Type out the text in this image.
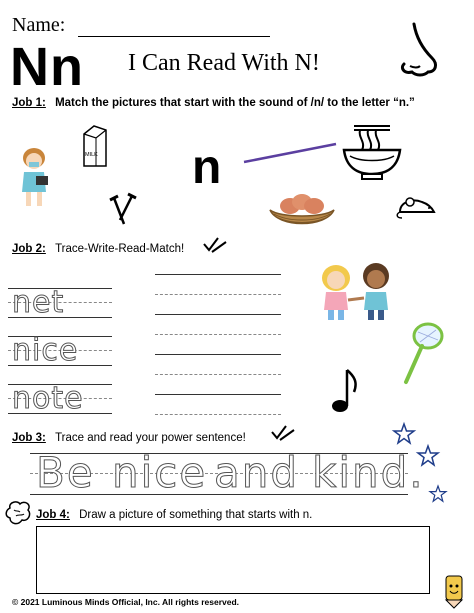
Name:
Nn I Can Read With N!
Job 1: Match the pictures that start with the sound of /n/ to the letter “n.”
MILK n
Job 2: Trace-Write-Read-Match!
net
nice
note
Job 3: Trace and read your power sentence!
Be nice and kind.
Job 4: Draw a picture of something that starts with n.
© 2021 Luminous Minds Official, Inc. All rights reserved.
